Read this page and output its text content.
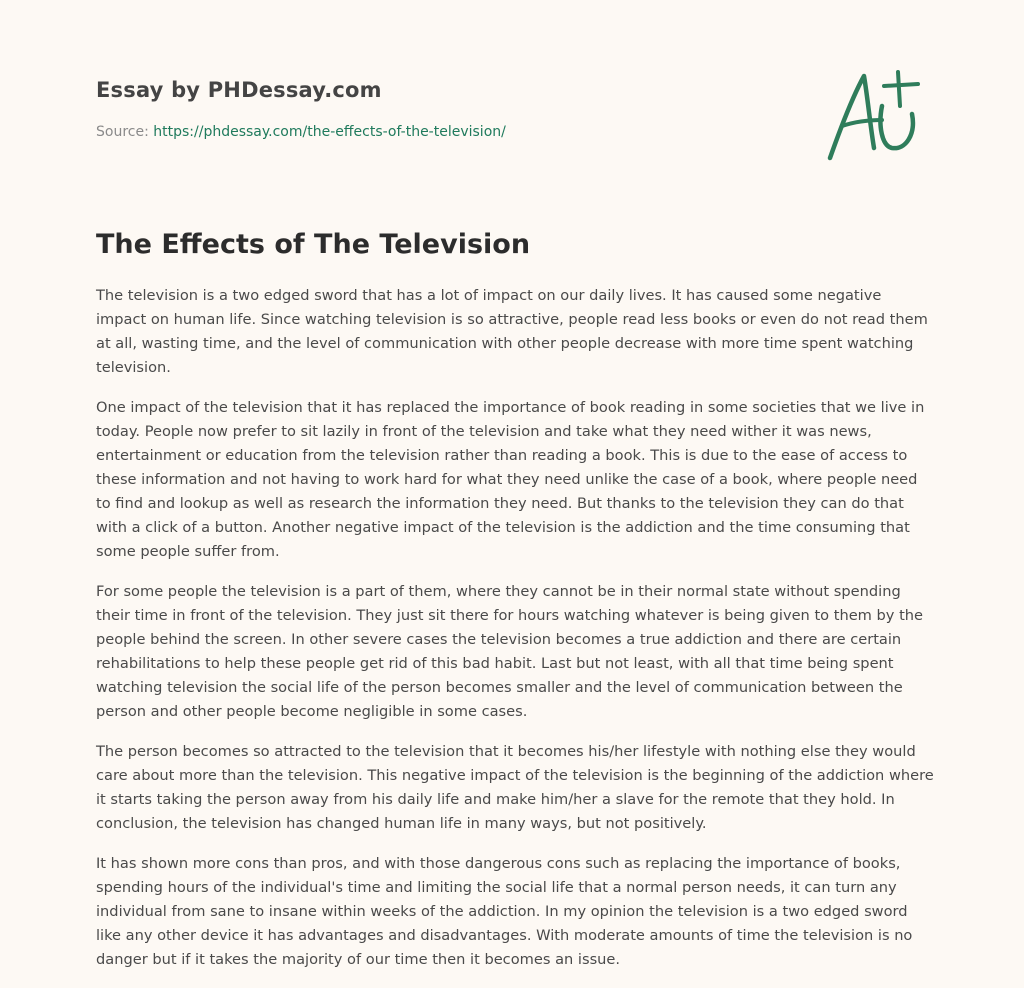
Essay by PHDessay.com
Source: https://phdessay.com/the-effects-of-the-television/
The Effects of The Television

The television is a two edged sword that has a lot of impact on our daily lives. It has caused some negative impact on human life. Since watching television is so attractive, people read less books or even do not read them at all, wasting time, and the level of communication with other people decrease with more time spent watching television.

One impact of the television that it has replaced the importance of book reading in some societies that we live in today. People now prefer to sit lazily in front of the television and take what they need wither it was news, entertainment or education from the television rather than reading a book. This is due to the ease of access to these information and not having to work hard for what they need unlike the case of a book, where people need to find and lookup as well as research the information they need. But thanks to the television they can do that with a click of a button. Another negative impact of the television is the addiction and the time consuming that some people suffer from.

For some people the television is a part of them, where they cannot be in their normal state without spending their time in front of the television. They just sit there for hours watching whatever is being given to them by the people behind the screen. In other severe cases the television becomes a true addiction and there are certain rehabilitations to help these people get rid of this bad habit. Last but not least, with all that time being spent watching television the social life of the person becomes smaller and the level of communication between the person and other people become negligible in some cases.

The person becomes so attracted to the television that it becomes his/her lifestyle with nothing else they would care about more than the television. This negative impact of the television is the beginning of the addiction where it starts taking the person away from his daily life and make him/her a slave for the remote that they hold. In conclusion, the television has changed human life in many ways, but not positively.

It has shown more cons than pros, and with those dangerous cons such as replacing the importance of books, spending hours of the individual's time and limiting the social life that a normal person needs, it can turn any individual from sane to insane within weeks of the addiction. In my opinion the television is a two edged sword like any other device it has advantages and disadvantages. With moderate amounts of time the television is no danger but if it takes the majority of our time then it becomes an issue.
